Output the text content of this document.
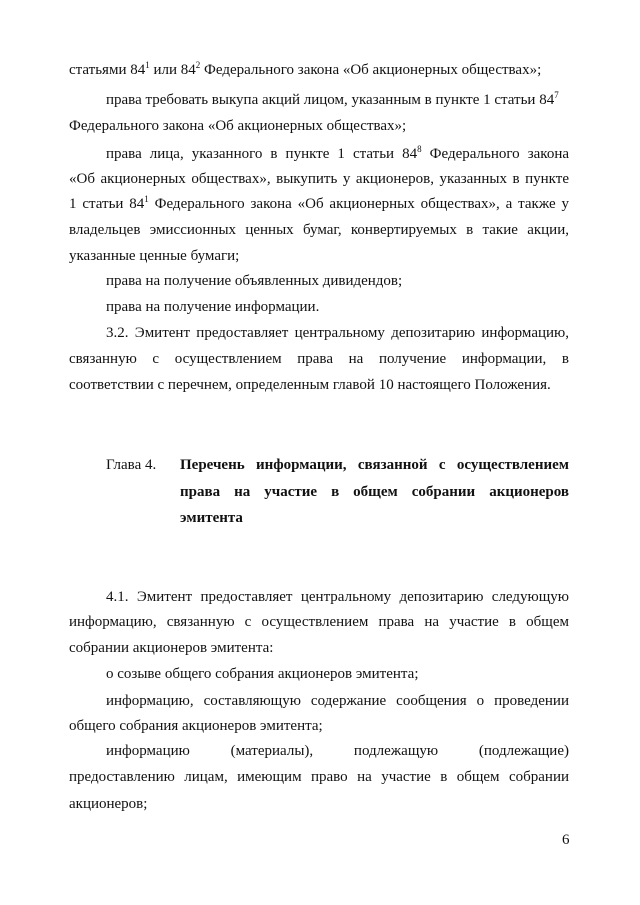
статьями $84^1$ или $84^2$ Федерального закона «Об акционерных обществах»;
права требовать выкупа акций лицом, указанным в пункте 1 статьи $84^7$
Федерального закона «Об акционерных обществах»;
права лица, указанного в пункте 1 статьи $84^8$ Федерального закона
«Об акционерных обществах», выкупить у акционеров, указанных в пункте
1 статьи $84^1$ Федерального закона «Об акционерных обществах», а также у
владельцев эмиссионных ценных бумаг, конвертируемых в такие акции,
указанные ценные бумаги;
права на получение объявленных дивидендов;
права на получение информации.
3.2. Эмитент предоставляет центральному депозитарию информацию,
связанную с осуществлением права на получение информации, в
соответствии с перечнем, определенным главой 10 настоящего Положения.
Глава 4. Перечень информации, связанной с осуществлением
права на участие в общем собрании акционеров
эмитента
4.1. Эмитент предоставляет центральному депозитарию следующую
информацию, связанную с осуществлением права на участие в общем
собрании акционеров эмитента:
о созыве общего собрания акционеров эмитента;
информацию, составляющую содержание сообщения о проведении
общего собрания акционеров эмитента;
информацию (материалы), подлежащую (подлежащие)
предоставлению лицам, имеющим право на участие в общем собрании
акционеров;
6
